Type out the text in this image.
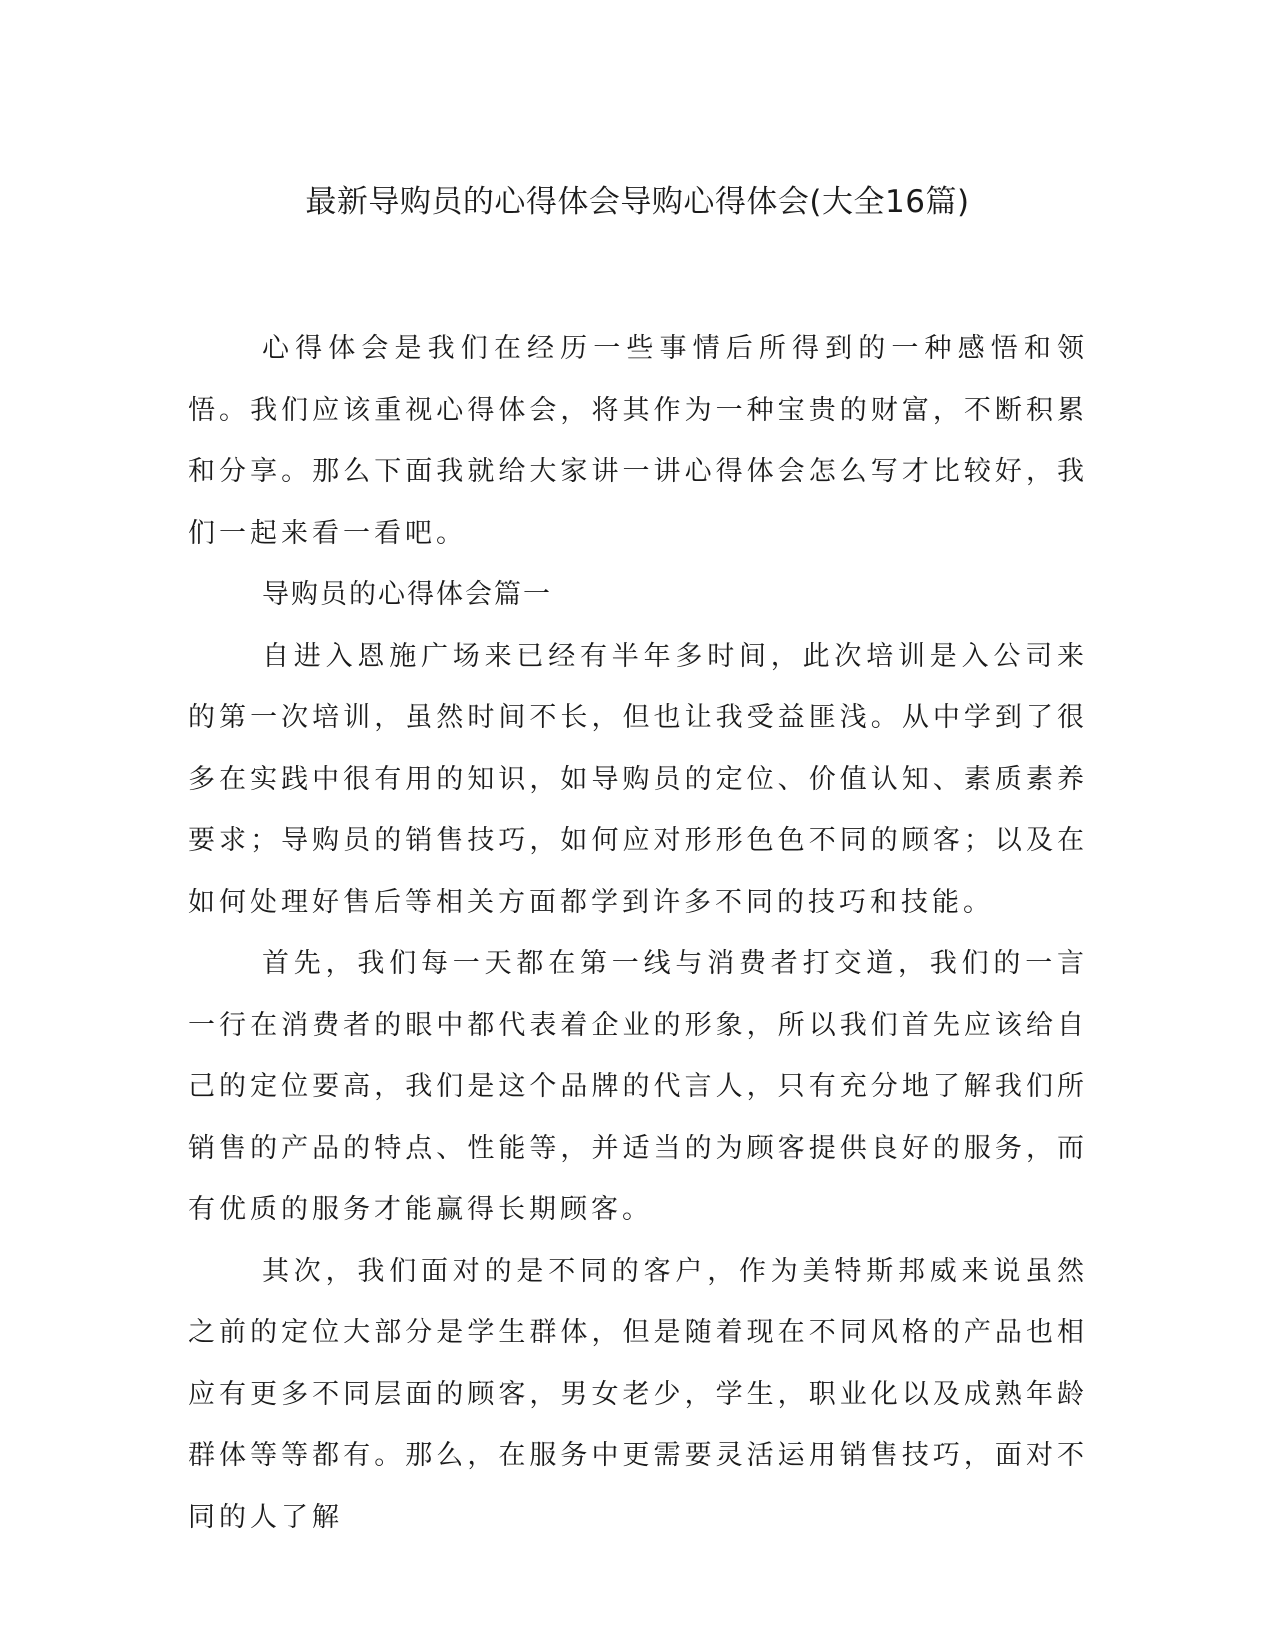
最新导购员的心得体会导购心得体会(大全16篇)

心得体会是我们在经历一些事情后所得到的一种感悟和领悟。我们应该重视心得体会，将其作为一种宝贵的财富，不断积累和分享。那么下面我就给大家讲一讲心得体会怎么写才比较好，我们一起来看一看吧。

导购员的心得体会篇一

自进入恩施广场来已经有半年多时间，此次培训是入公司来的第一次培训，虽然时间不长，但也让我受益匪浅。从中学到了很多在实践中很有用的知识，如导购员的定位、价值认知、素质素养要求；导购员的销售技巧，如何应对形形色色不同的顾客；以及在如何处理好售后等相关方面都学到许多不同的技巧和技能。

首先，我们每一天都在第一线与消费者打交道，我们的一言一行在消费者的眼中都代表着企业的形象，所以我们首先应该给自己的定位要高，我们是这个品牌的代言人，只有充分地了解我们所销售的产品的特点、性能等，并适当的为顾客提供良好的服务，而有优质的服务才能赢得长期顾客。

其次，我们面对的是不同的客户，作为美特斯邦威来说虽然之前的定位大部分是学生群体，但是随着现在不同风格的产品也相应有更多不同层面的顾客，男女老少，学生，职业化以及成熟年龄群体等等都有。那么，在服务中更需要灵活运用销售技巧，面对不同的人了解
